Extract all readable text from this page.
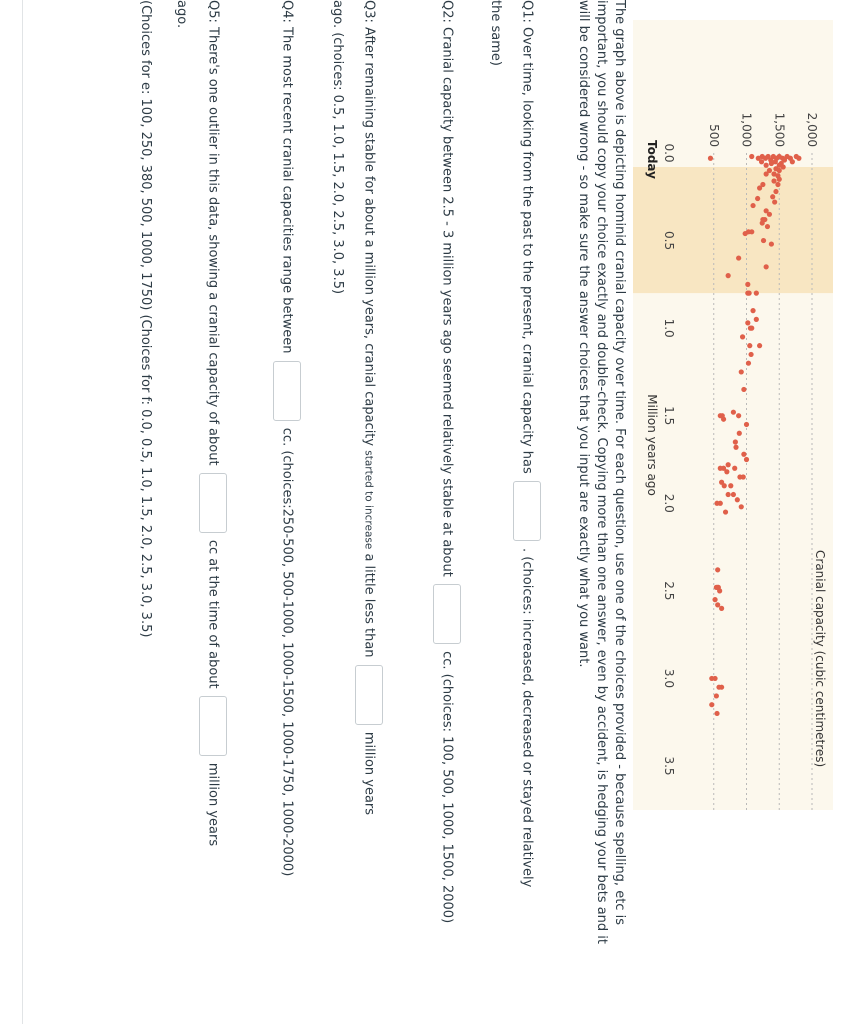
0.0
0.5
1.0
1.5
2.0
2.5
3.0
3.5
500 1,000 1,500 2,000
Cranial capacity (cubic centimetres)
Million years ago
Today
The graph above is depicting hominid cranial capacity over time. For each question, use one of the choices provided - because spelling, etc is
important, you should copy your choice exactly and double-check. Copying more than one answer, even by accident, is hedging your bets and it
will be considered wrong - so make sure the answer choices that you input are exactly what you want.
Q1: Over time, looking from the past to the present, cranial capacity has  . (choices: increased, decreased or stayed relatively
the same)
Q2: Cranial capacity between 2.5 - 3 million years ago seemed relatively stable at about  cc. (choices: 100, 500, 1000, 1500, 2000)
Q3: After remaining stable for about a million years, cranial capacity started to increase a little less than  million years
ago. (choices: 0.5, 1.0, 1.5, 2.0, 2.5, 3.0, 3.5)
Q4: The most recent cranial capacities range between  cc. (choices:250-500, 500-1000, 1000-1500, 1000-1750, 1000-2000)
Q5: There's one outlier in this data, showing a cranial capacity of about  cc at the time of about  million years
ago.
(Choices for e: 100, 250, 380, 500, 1000, 1750) (Choices for f: 0.0, 0.5, 1.0, 1.5, 2.0, 2.5, 3.0, 3.5)
